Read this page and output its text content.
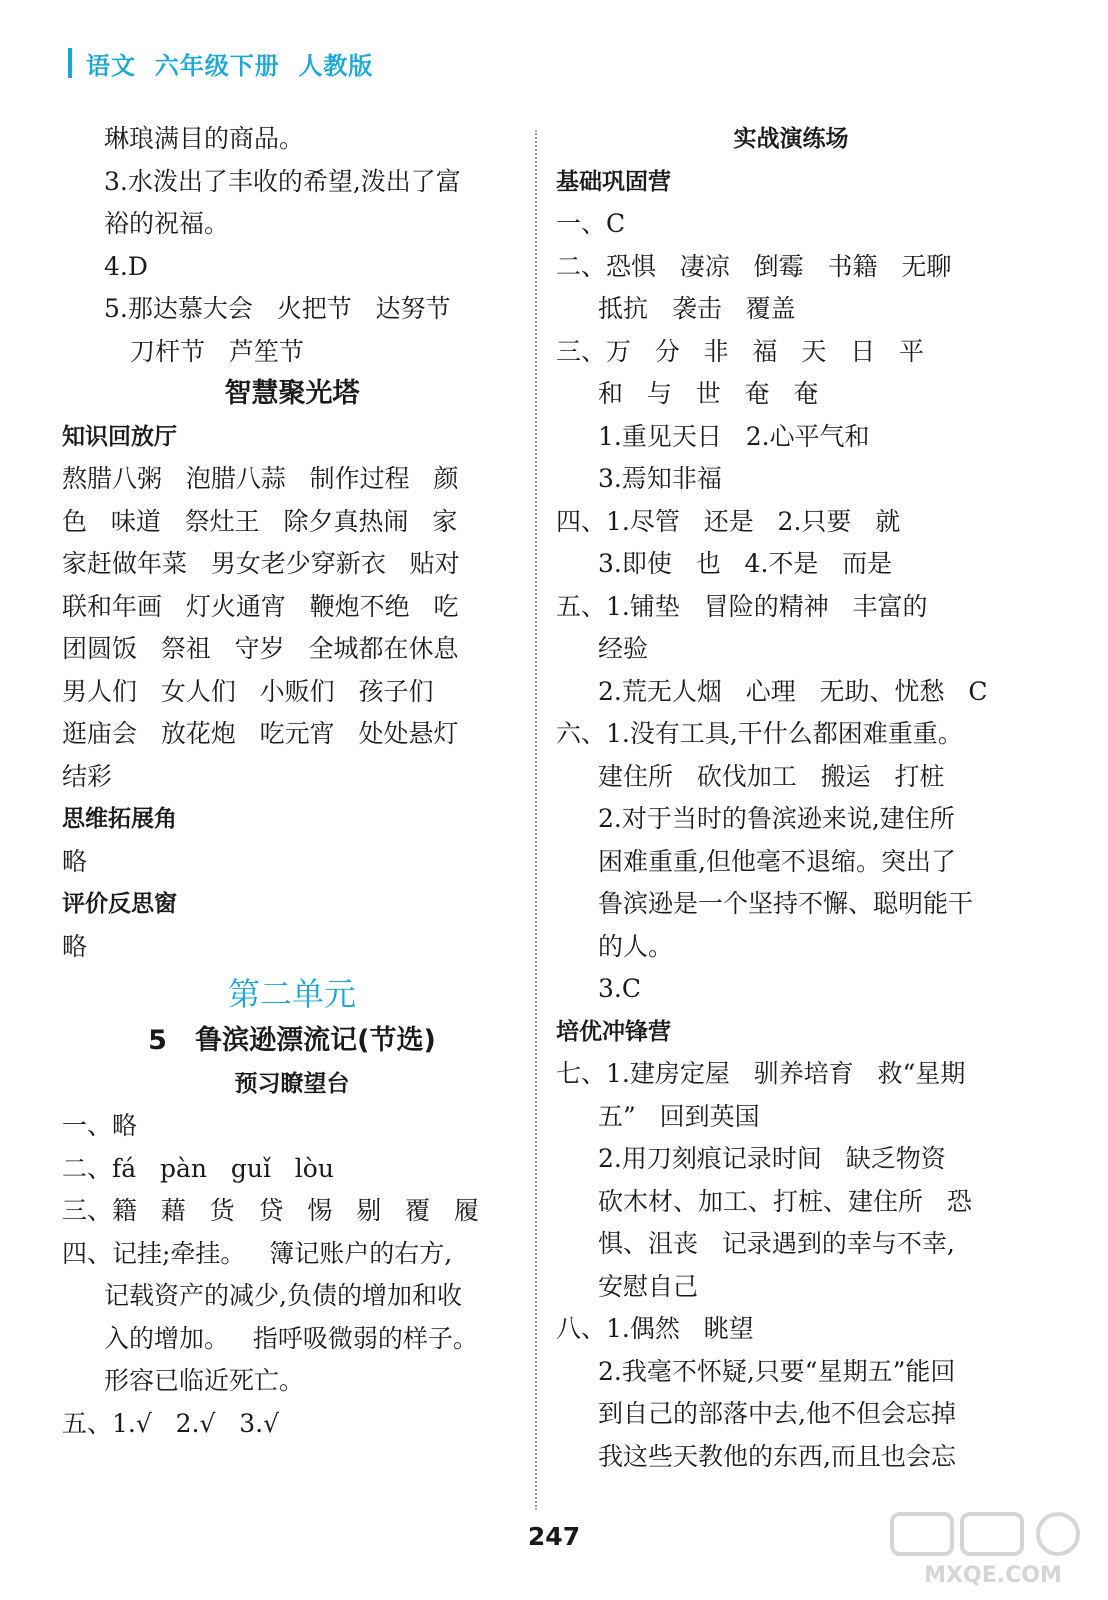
语文  六年级下册  人教版
琳琅满目的商品。
3.水泼出了丰收的希望,泼出了富
裕的祝福。
4.D
5.那达慕大会   火把节   达努节
刀杆节   芦笙节
智慧聚光塔
知识回放厅
熬腊八粥   泡腊八蒜   制作过程   颜
色   味道   祭灶王   除夕真热闹   家
家赶做年菜   男女老少穿新衣   贴对
联和年画   灯火通宵   鞭炮不绝   吃
团圆饭   祭祖   守岁   全城都在休息
男人们   女人们   小贩们   孩子们
逛庙会   放花炮   吃元宵   处处悬灯
结彩
思维拓展角
略
评价反思窗
略
第二单元
5   鲁滨逊漂流记(节选)
预习瞭望台
一、略
二、fá   pàn   guǐ   lòu
三、籍   藉   货   贷   惕   剔   覆   履
四、记挂;牵挂。   簿记账户的右方,
记载资产的减少,负债的增加和收
入的增加。   指呼吸微弱的样子。
形容已临近死亡。
五、1.√   2.√   3.√
实战演练场
基础巩固营
一、C
二、恐惧   凄凉   倒霉   书籍   无聊
抵抗   袭击   覆盖
三、万   分   非   福   天   日   平
和   与   世   奄   奄
1.重见天日   2.心平气和
3.焉知非福
四、1.尽管   还是   2.只要   就
3.即使   也   4.不是   而是
五、1.铺垫   冒险的精神   丰富的
经验
2.荒无人烟   心理   无助、忧愁   C
六、1.没有工具,干什么都困难重重。
建住所   砍伐加工   搬运   打桩
2.对于当时的鲁滨逊来说,建住所
困难重重,但他毫不退缩。突出了
鲁滨逊是一个坚持不懈、聪明能干
的人。
3.C
培优冲锋营
七、1.建房定屋   驯养培育   救“星期
五”   回到英国
2.用刀刻痕记录时间   缺乏物资
砍木材、加工、打桩、建住所   恐
惧、沮丧   记录遇到的幸与不幸,
安慰自己
八、1.偶然   眺望
2.我毫不怀疑,只要“星期五”能回
到自己的部落中去,他不但会忘掉
我这些天教他的东西,而且也会忘
247
MXQE.COM
